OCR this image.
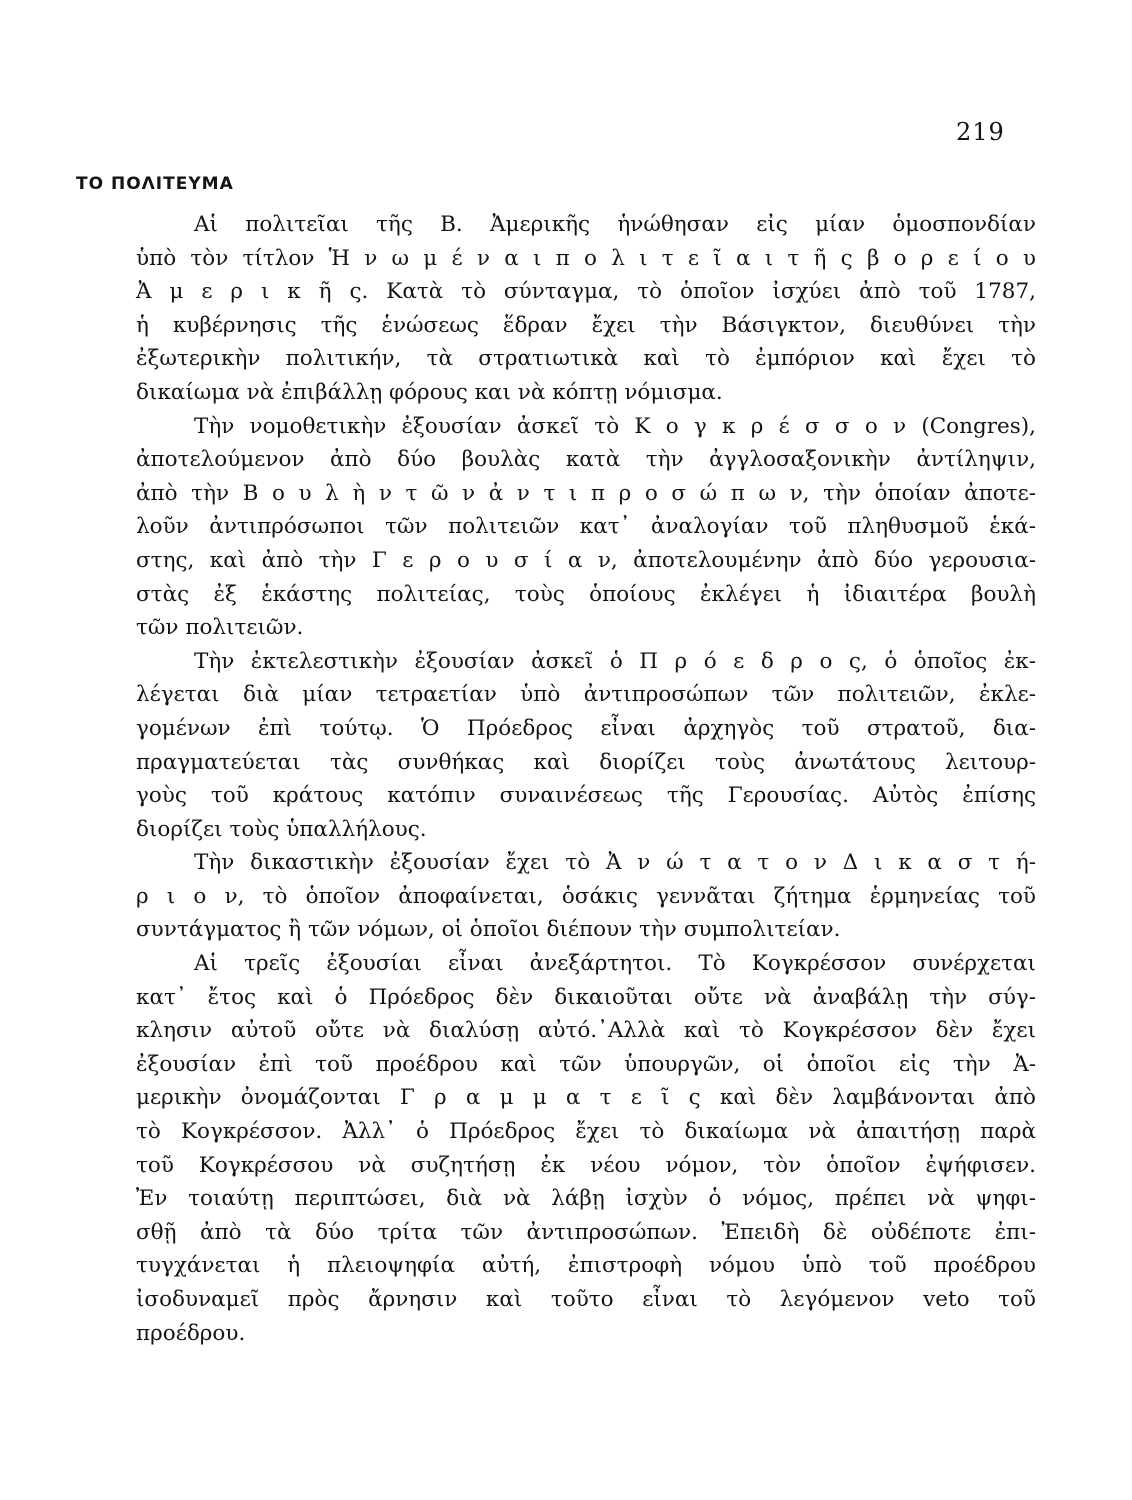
219
ΤΟ ΠΟΛΙΤΕΥΜΑ
Αἱ πολιτεῖαι τῆς Β. Ἀμερικῆς ἡνώθησαν εἰς μίαν ὁμοσπονδίαν
ὑπὸ τὸν τίτλον Ἡ ν ω μ έ ν α ι π ο λ ι τ ε ῖ α ι τ ῆ ς β ο ρ ε ί ο υ
Ἀ μ ε ρ ι κ ῆ ς. Κατὰ τὸ σύνταγμα, τὸ ὁποῖον ἰσχύει ἀπὸ τοῦ 1787,
ἡ κυβέρνησις τῆς ἑνώσεως ἕδραν ἔχει τὴν Βάσιγκτον, διευθύνει τὴν
ἐξωτερικὴν πολιτικήν, τὰ στρατιωτικὰ καὶ τὸ ἐμπόριον καὶ ἔχει τὸ
δικαίωμα νὰ ἐπιβάλλῃ φόρους και νὰ κόπτῃ νόμισμα.
Τὴν νομοθετικὴν ἐξουσίαν ἀσκεῖ τὸ Κ ο γ κ ρ έ σ σ ο ν (Congres),
ἀποτελούμενον ἀπὸ δύο βουλὰς κατὰ τὴν ἀγγλοσαξονικὴν ἀντίληψιν,
ἀπὸ τὴν Β ο υ λ ὴ ν τ ῶ ν ἀ ν τ ι π ρ ο σ ώ π ω ν, τὴν ὁποίαν ἀποτε-
λοῦν ἀντιπρόσωποι τῶν πολιτειῶν κατ᾿ ἀναλογίαν τοῦ πληθυσμοῦ ἑκά-
στης, καὶ ἀπὸ τὴν Γ ε ρ ο υ σ ί α ν, ἀποτελουμένην ἀπὸ δύο γερουσια-
στὰς ἐξ ἑκάστης πολιτείας, τοὺς ὁποίους ἐκλέγει ἡ ἰδιαιτέρα βουλὴ
τῶν πολιτειῶν.
Τὴν ἐκτελεστικὴν ἐξουσίαν ἀσκεῖ ὁ Π ρ ό ε δ ρ ο ς, ὁ ὁποῖος ἐκ-
λέγεται διὰ μίαν τετραετίαν ὑπὸ ἀντιπροσώπων τῶν πολιτειῶν, ἐκλε-
γομένων ἐπὶ τούτῳ. Ὁ Πρόεδρος εἶναι ἀρχηγὸς τοῦ στρατοῦ, δια-
πραγματεύεται τὰς συνθήκας καὶ διορίζει τοὺς ἀνωτάτους λειτουρ-
γοὺς τοῦ κράτους κατόπιν συναινέσεως τῆς Γερουσίας. Αὐτὸς ἐπίσης
διορίζει τοὺς ὑπαλλήλους.
Τὴν δικαστικὴν ἐξουσίαν ἔχει τὸ Ἀ ν ώ τ α τ ο ν Δ ι κ α σ τ ή-
ρ ι ο ν, τὸ ὁποῖον ἀποφαίνεται, ὁσάκις γεννᾶται ζήτημα ἑρμηνείας τοῦ
συντάγματος ἢ τῶν νόμων, οἱ ὁποῖοι διέπουν τὴν συμπολιτείαν.
Αἱ τρεῖς ἐξουσίαι εἶναι ἀνεξάρτητοι. Τὸ Κογκρέσσον συνέρχεται
κατ᾿ ἔτος καὶ ὁ Πρόεδρος δὲν δικαιοῦται οὔτε νὰ ἀναβάλῃ τὴν σύγ-
κλησιν αὐτοῦ οὔτε νὰ διαλύσῃ αὐτό.᾿Αλλὰ καὶ τὸ Κογκρέσσον δὲν ἔχει
ἐξουσίαν ἐπὶ τοῦ προέδρου καὶ τῶν ὑπουργῶν, οἱ ὁποῖοι εἰς τὴν Ἀ-
μερικὴν ὀνομάζονται Γ ρ α μ μ α τ ε ῖ ς καὶ δὲν λαμβάνονται ἀπὸ
τὸ Κογκρέσσον. Ἀλλ᾿ ὁ Πρόεδρος ἔχει τὸ δικαίωμα νὰ ἀπαιτήσῃ παρὰ
τοῦ Κογκρέσσου νὰ συζητήσῃ ἐκ νέου νόμον, τὸν ὁποῖον ἐψήφισεν.
Ἐν τοιαύτῃ περιπτώσει, διὰ νὰ λάβῃ ἰσχὺν ὁ νόμος, πρέπει νὰ ψηφι-
σθῇ ἀπὸ τὰ δύο τρίτα τῶν ἀντιπροσώπων. Ἐπειδὴ δὲ οὐδέποτε ἐπι-
τυγχάνεται ἡ πλειοψηφία αὐτή, ἐπιστροφὴ νόμου ὑπὸ τοῦ προέδρου
ἰσοδυναμεῖ πρὸς ἄρνησιν καὶ τοῦτο εἶναι τὸ λεγόμενον veto τοῦ
προέδρου.
